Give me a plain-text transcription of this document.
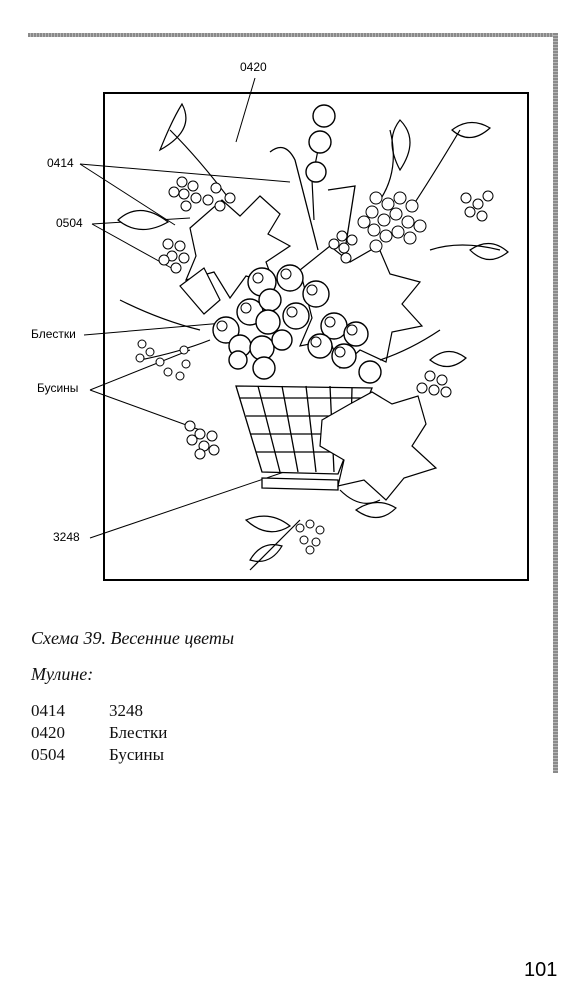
0420
0414
0504
Блестки
Бусины
3248
Схема 39. Весенние цветы
Мулине:
0414	3248
0420	Блестки
0504	Бусины
101
